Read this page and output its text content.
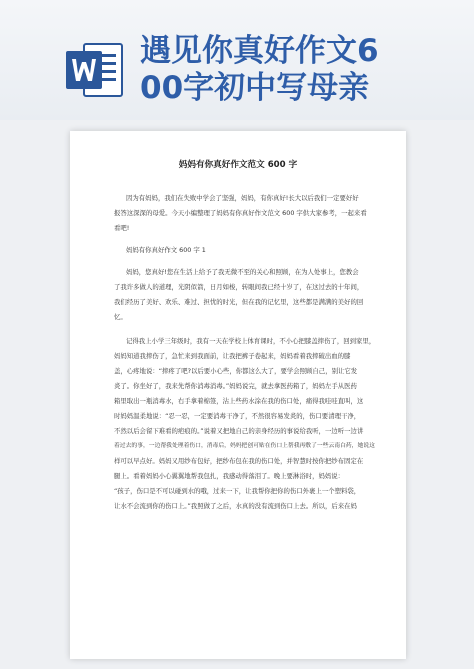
遇见你真好作文6
00字初中写母亲
妈妈有你真好作文范文 600 字
因为有妈妈，我们在失败中学会了坚强，妈妈，有你真好!长大以后我们一定要好好
报答这深深的母爱。今天小编整理了妈妈有你真好作文范文 600 字供大家参考，一起来看
看吧!
妈妈有你真好作文 600 字 1
妈妈，您真好!您在生活上给予了我无微不至的关心和照顾，在为人处事上，您教会
了我许多做人的道理，光阴似箭，日月如梭，转眼间我已经十岁了，在这过去的十年间，
我们经历了美好、欢乐、难过、担忧的时光，但在我的记忆里，这些都是满满的美好的回
忆。
记得我上小学三年级时，我有一天在学校上体育课时，不小心把膝盖摔伤了，回到家里，
妈妈知道我摔伤了，急忙来到我面前，让我把裤子卷起来，妈妈看着我摔破出血的膝
盖，心疼地说：“摔疼了吧?以后要小心些，你都这么大了，要学会照顾自己，别让它发
炎了。你坐好了，我来先帮你消毒消毒。”妈妈说完，就去拿医药箱了，妈妈左手从医药
箱里取出一瓶消毒水，右手拿着棉签，沾上些药水涂在我的伤口处，痛得我哇哇直叫，这
时妈妈温柔地说：“忍一忍，一定要消毒干净了，不然很容易发炎的，伤口要清理干净，
不然以后会留下难看的疤痕的。”说着又把地自己的亲身经历的事说给我听，一边听一边讲
着过去的事，一边帮我处理着伤口，消毒后，妈妈把创可贴在伤口上帮我再敷了一些云南白药，她说这
样可以早点好。妈妈又用纱布包好，把纱布包在我的伤口处，并智慧时按你把纱布固定在
腿上。看着妈妈小心翼翼地帮我包扎，我感动得落泪了。晚上要淋浴时，妈妈说：
“孩子，伤口是不可以碰到水的哦，过来一下，让我帮你把你的伤口外裹上一个塑料袋，
让水不会流到你的伤口上。”我照做了之后，水真的没有流到伤口上去。所以，后来在妈
